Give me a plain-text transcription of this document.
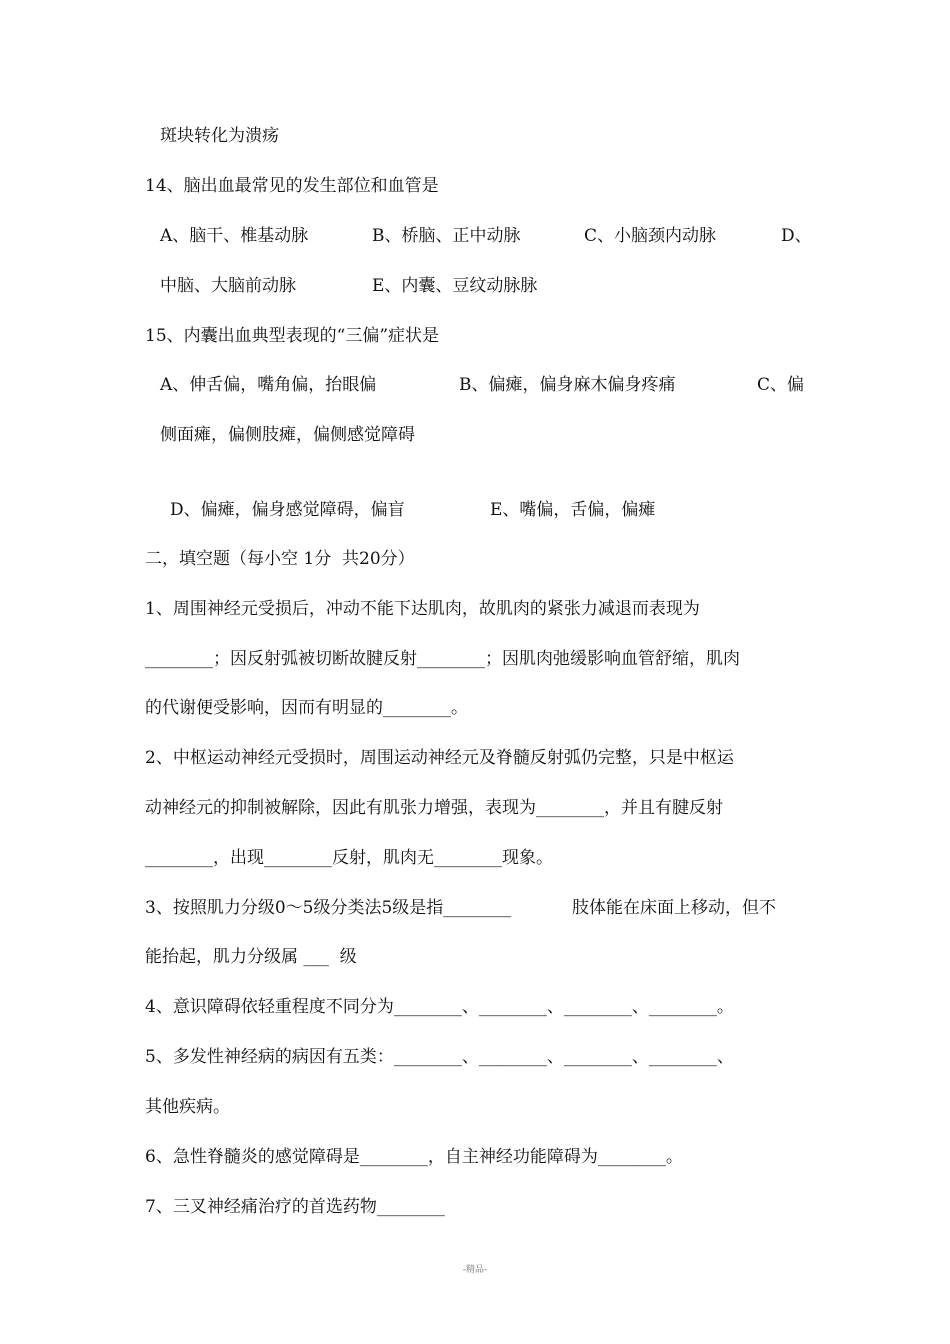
斑块转化为溃疡
14、脑出血最常见的发生部位和血管是
A、脑干、椎基动脉	B、桥脑、正中动脉	C、小脑颈内动脉	D、
中脑、大脑前动脉	E、内囊、豆纹动脉脉
15、内囊出血典型表现的“三偏”症状是
A、伸舌偏，嘴角偏，抬眼偏	B、偏瘫，偏身麻木偏身疼痛	C、偏
侧面瘫，偏侧肢瘫，偏侧感觉障碍
D、偏瘫，偏身感觉障碍，偏盲	E、嘴偏，舌偏，偏瘫
二，填空题（每小空 1分  共20分）
1、周围神经元受损后，冲动不能下达肌肉，故肌肉的紧张力减退而表现为
________；因反射弧被切断故腱反射________；因肌肉弛缓影响血管舒缩，肌肉
的代谢便受影响，因而有明显的________。
2、中枢运动神经元受损时，周围运动神经元及脊髓反射弧仍完整，只是中枢运
动神经元的抑制被解除，因此有肌张力增强，表现为________，并且有腱反射
________，出现________反射，肌肉无________现象。
3、按照肌力分级0～5级分类法5级是指________	肢体能在床面上移动，但不
能抬起，肌力分级属 ___  级
4、意识障碍依轻重程度不同分为________、________、________、________。
5、多发性神经病的病因有五类：________、________、________、________、
其他疾病。
6、急性脊髓炎的感觉障碍是________，自主神经功能障碍为________。
7、三叉神经痛治疗的首选药物________
-精品-
